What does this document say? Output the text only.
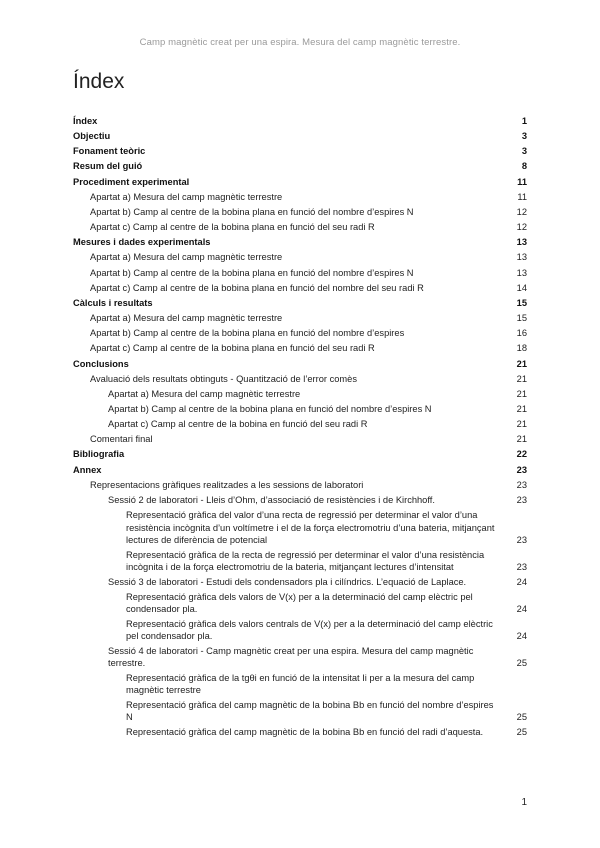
Camp magnètic creat per una espira. Mesura del camp magnètic terrestre.
Índex
Índex	1
Objectiu	3
Fonament teòric	3
Resum del guió	8
Procediment experimental	11
Apartat a) Mesura del camp magnètic terrestre	11
Apartat b) Camp al centre de la bobina plana en funció del nombre d’espires N	12
Apartat c) Camp al centre de la bobina plana en funció del seu radi R	12
Mesures i dades experimentals	13
Apartat a) Mesura del camp magnètic terrestre	13
Apartat b) Camp al centre de la bobina plana en funció del nombre d’espires N	13
Apartat c) Camp al centre de la bobina plana en funció del nombre del seu radi R	14
Càlculs i resultats	15
Apartat a) Mesura del camp magnètic terrestre	15
Apartat b) Camp al centre de la bobina plana en funció del nombre d’espires	16
Apartat c) Camp al centre de la bobina plana en funció del seu radi R	18
Conclusions	21
Avaluació dels resultats obtinguts - Quantització de l’error comès	21
Apartat a) Mesura del camp magnètic terrestre	21
Apartat b) Camp al centre de la bobina plana en funció del nombre d’espires N	21
Apartat c) Camp al centre de la bobina en funció del seu radi R	21
Comentari final	21
Bibliografia	22
Annex	23
Representacions gràfiques realitzades a les sessions de laboratori	23
Sessió 2 de laboratori - Lleis d’Ohm, d’associació de resistències i de Kirchhoff.	23
Representació gràfica del valor d’una recta de regressió per determinar el valor d’una resistència incògnita d’un voltímetre i el de la força electromotriu d’una bateria, mitjançant lectures de diferència de potencial	23
Representació gràfica de la recta de regressió per determinar el valor d’una resistència incògnita i de la força electromotriu de la bateria, mitjançant lectures d’intensitat	23
Sessió 3 de laboratori - Estudi dels condensadors pla i cilíndrics. L’equació de Laplace.	24
Representació gràfica dels valors de V(x) per a la determinació del camp elèctric pel condensador pla.	24
Representació gràfica dels valors centrals de V(x) per a la determinació del camp elèctric pel condensador pla.	24
Sessió 4 de laboratori - Camp magnètic creat per una espira. Mesura del camp magnètic terrestre.	25
Representació gràfica de la tgθi en funció de la intensitat Ii per a la mesura del camp magnètic terrestre
Representació gràfica del camp magnètic de la bobina Bb en funció del nombre d’espires N	25
Representació gràfica del camp magnètic de la bobina Bb en funció del radi d’aquesta.	25
1
